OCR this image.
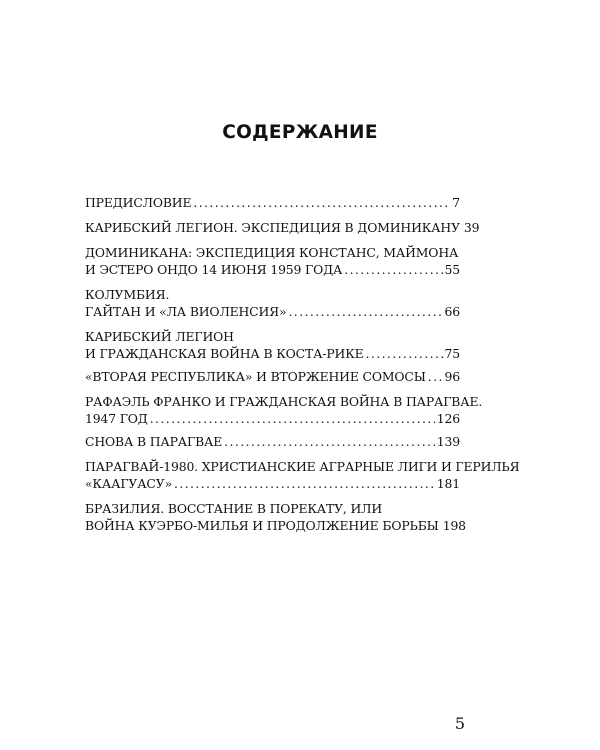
СОДЕРЖАНИЕ
ПРЕДИСЛОВИЕ .....	7
КАРИБСКИЙ ЛЕГИОН. ЭКСПЕДИЦИЯ В ДОМИНИКАНУ 39
ДОМИНИКАНА: ЭКСПЕДИЦИЯ КОНСТАНС, МАЙМОНА
И ЭСТЕРО ОНДО 14 ИЮНЯ 1959 ГОДА .....	55
КОЛУМБИЯ.
ГАЙТАН И «ЛА ВИОЛЕНСИЯ» .....	66
КАРИБСКИЙ ЛЕГИОН
И ГРАЖДАНСКАЯ ВОЙНА В КОСТА-РИКЕ .....	75
«ВТОРАЯ РЕСПУБЛИКА» И ВТОРЖЕНИЕ СОМОСЫ ..... 96
РАФАЭЛЬ ФРАНКО И ГРАЖДАНСКАЯ ВОЙНА В ПАРАГВАЕ.
1947 ГОД .....	126
СНОВА В ПАРАГВАЕ .....	139
ПАРАГВАЙ-1980. ХРИСТИАНСКИЕ АГРАРНЫЕ ЛИГИ И ГЕРИЛЬЯ
«КААГУАСУ» .....	181
БРАЗИЛИЯ. ВОССТАНИЕ В ПОРЕКАТУ, ИЛИ
ВОЙНА КУЭРБО-МИЛЬЯ И ПРОДОЛЖЕНИЕ БОРЬБЫ 198

5
